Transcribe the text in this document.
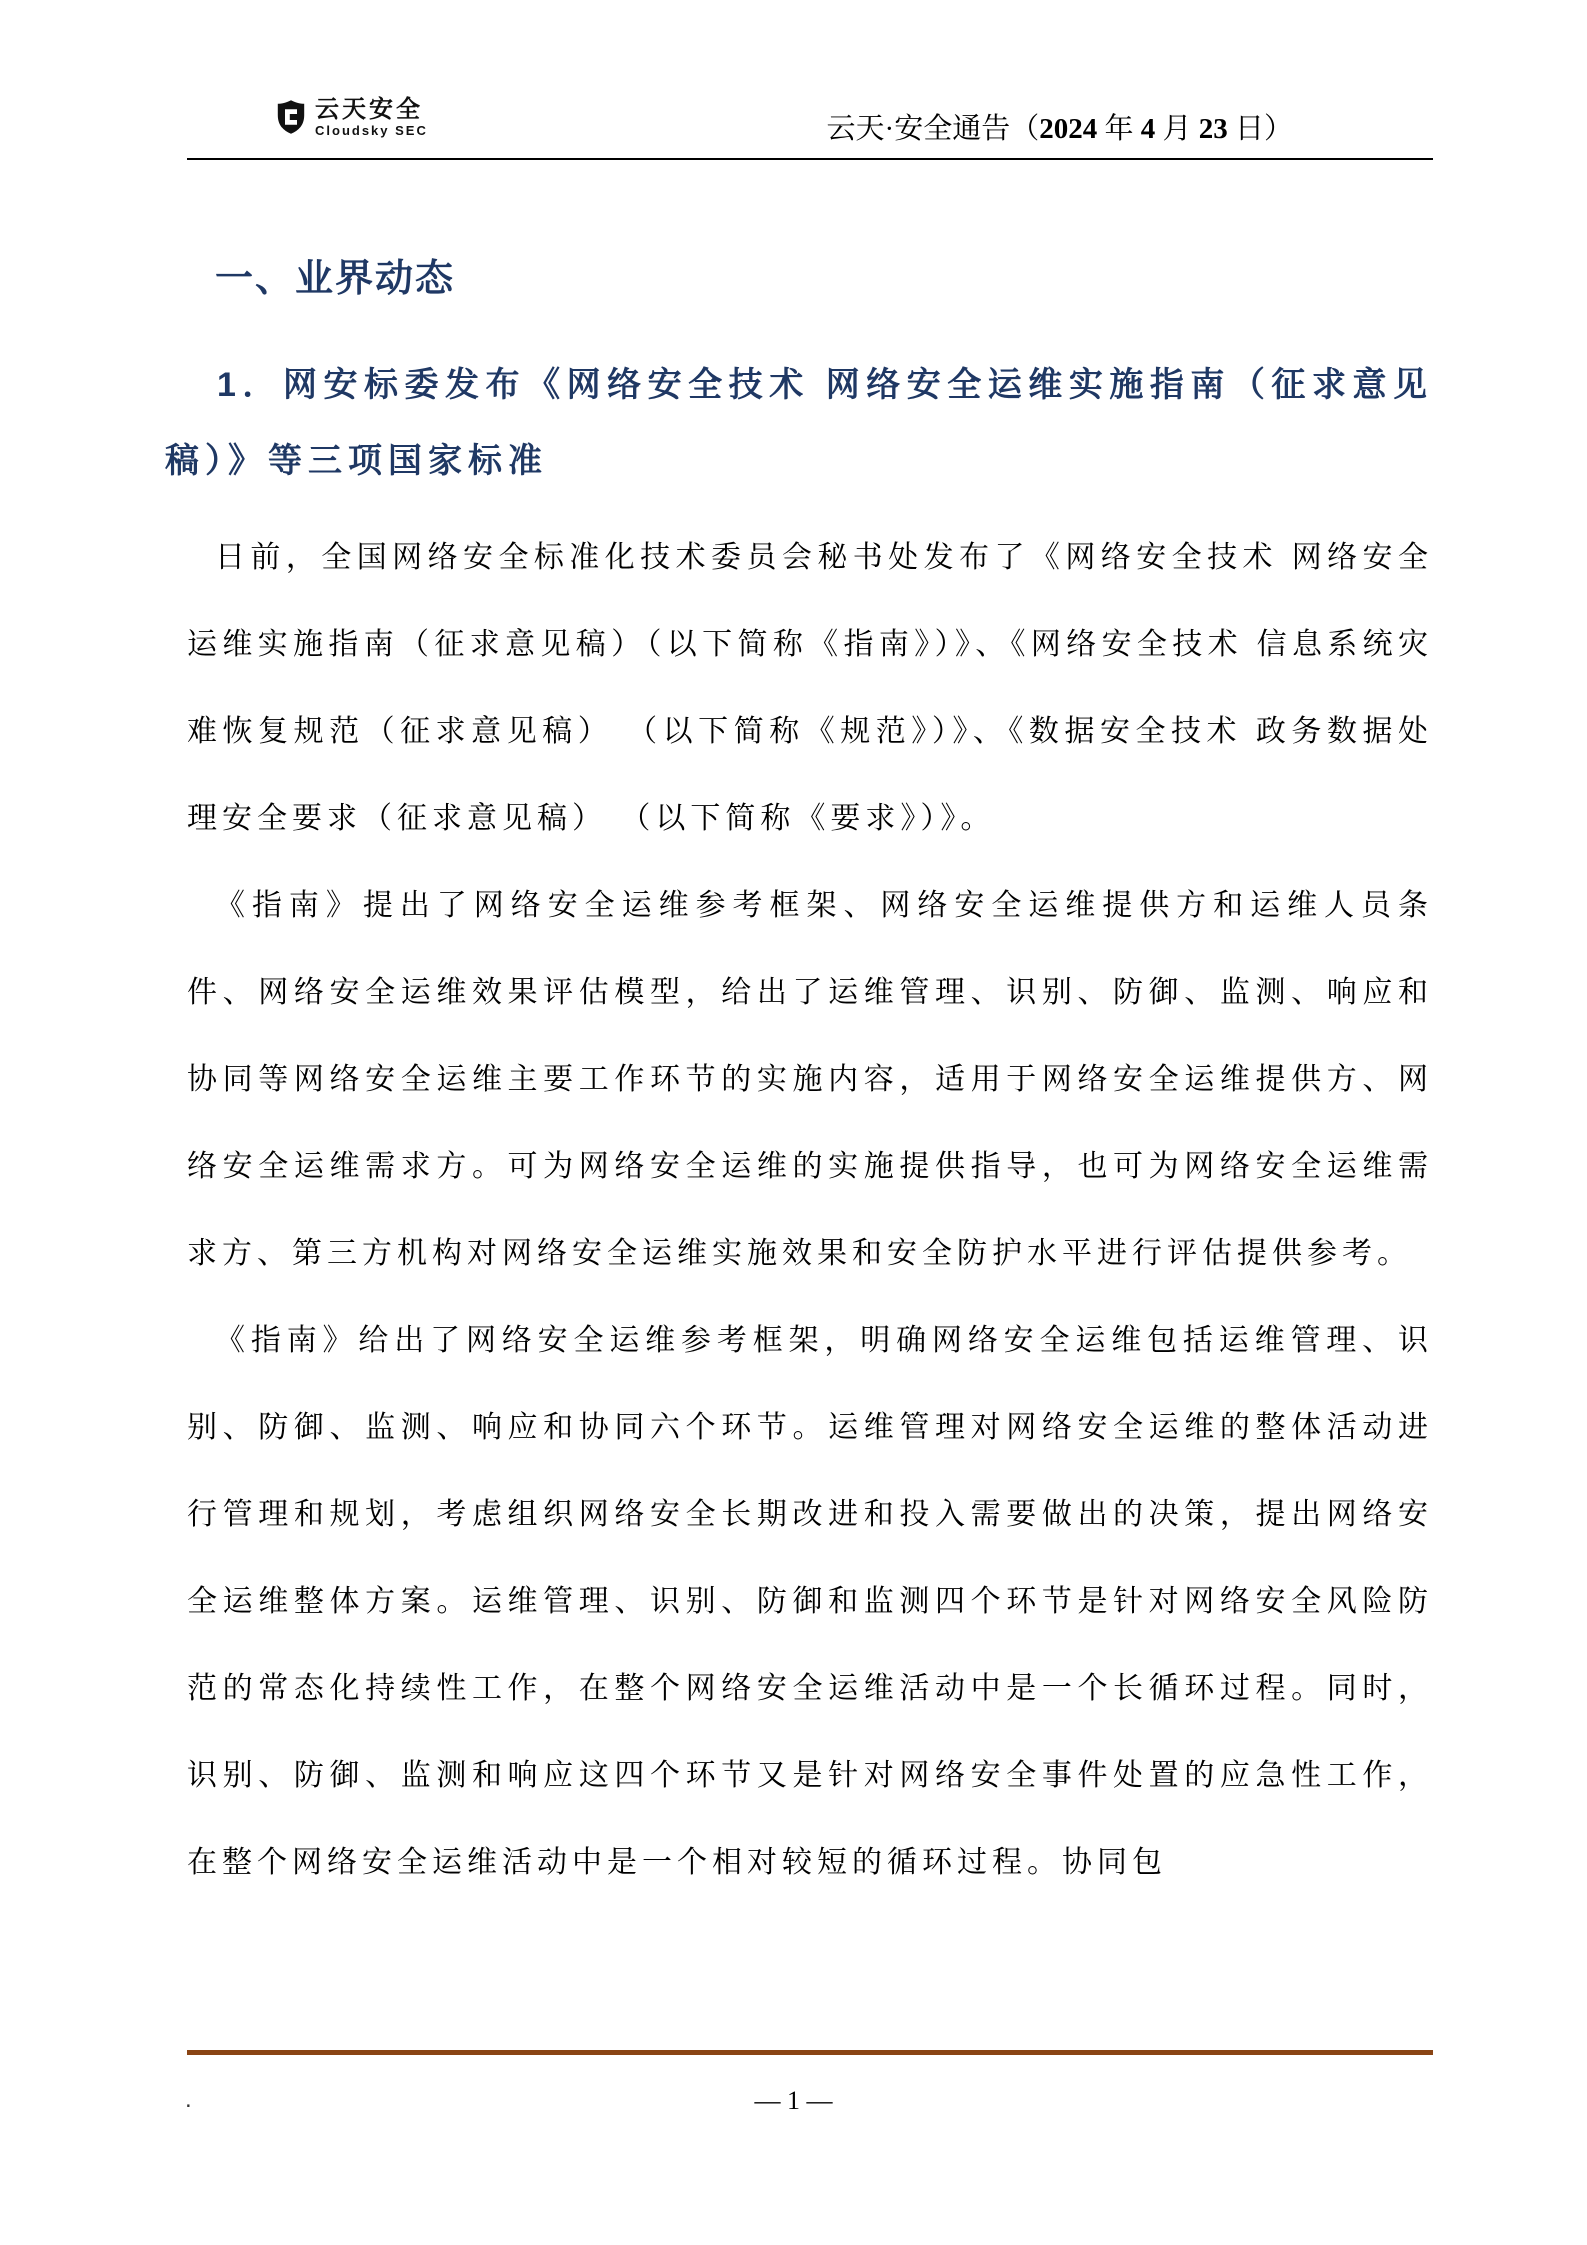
云天安全
Cloudsky SEC	云天·安全通告（2024 年 4 月 23 日）
一、业界动态
1．网安标委发布《网络安全技术 网络安全运维实施指南（征求意见稿）》等三项国家标准

日前，全国网络安全标准化技术委员会秘书处发布了《网络安全技术 网络安全运维实施指南（征求意见稿）（以下简称《指南》）》、《网络安全技术 信息系统灾难恢复规范（征求意见稿） （以下简称《规范》）》、《数据安全技术 政务数据处理安全要求（征求意见稿） （以下简称《要求》）》。

《指南》提出了网络安全运维参考框架、网络安全运维提供方和运维人员条件、网络安全运维效果评估模型，给出了运维管理、识别、防御、监测、响应和协同等网络安全运维主要工作环节的实施内容，适用于网络安全运维提供方、网络安全运维需求方。可为网络安全运维的实施提供指导，也可为网络安全运维需求方、第三方机构对网络安全运维实施效果和安全防护水平进行评估提供参考。

《指南》给出了网络安全运维参考框架，明确网络安全运维包括运维管理、识别、防御、监测、响应和协同六个环节。运维管理对网络安全运维的整体活动进行管理和规划，考虑组织网络安全长期改进和投入需要做出的决策，提出网络安全运维整体方案。运维管理、识别、防御和监测四个环节是针对网络安全风险防范的常态化持续性工作，在整个网络安全运维活动中是一个长循环过程。同时，识别、防御、监测和响应这四个环节又是针对网络安全事件处置的应急性工作，在整个网络安全运维活动中是一个相对较短的循环过程。协同包

.	— 1 —
